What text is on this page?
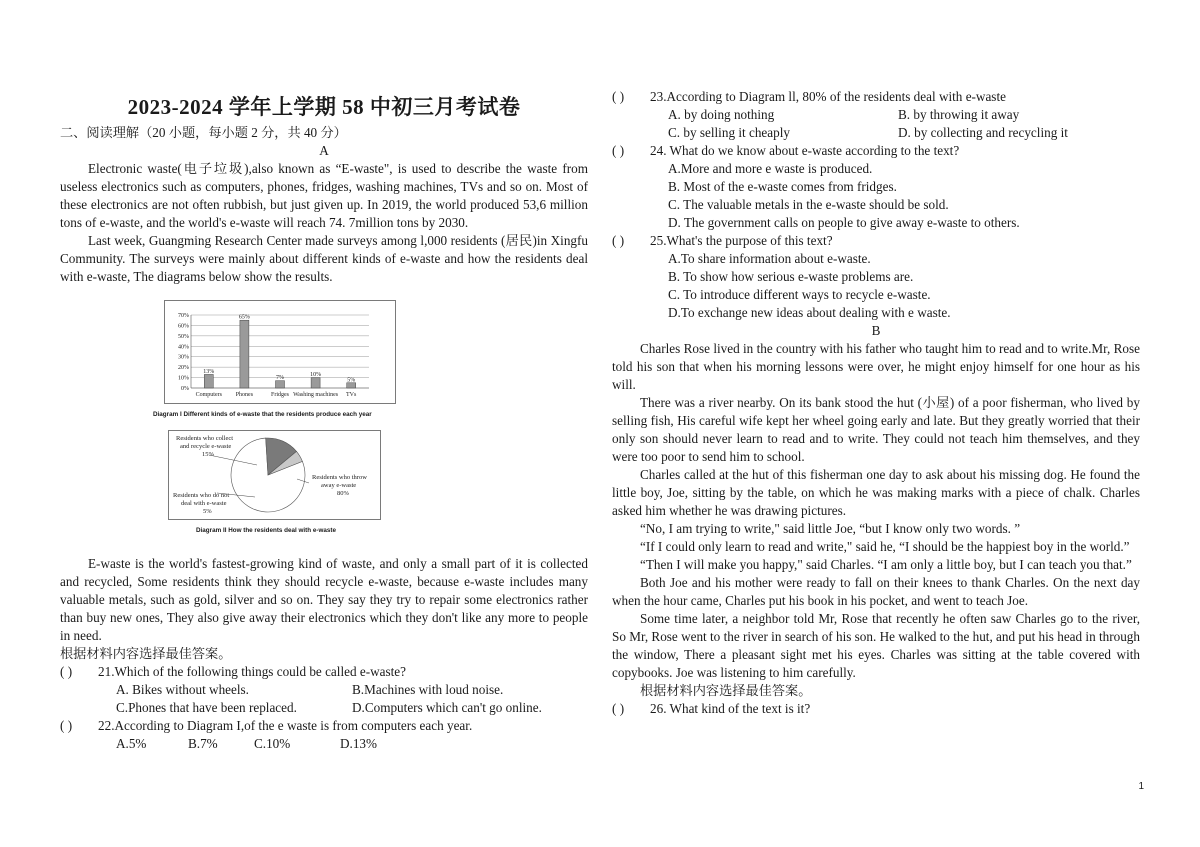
2023-2024 学年上学期 58 中初三月考试卷
二、阅读理解（20 小题，每小题 2 分，共 40 分）

A

Electronic waste(电子垃圾),also known as “E-waste", is used to describe the waste from useless electronics such as computers, phones, fridges, washing machines, TVs and so on. Most of these electronics are not often rubbish, but just given up. In 2019, the world produced 53,6 million tons of e-waste, and the world's e-waste will reach 74. 7million tons by 2030.

Last week, Guangming Research Center made surveys among l,000 residents (居民)in Xingfu Community. The surveys were mainly about different kinds of e-waste and how the residents deal with e-waste, The diagrams below show the results.

0%
10%
20%
30%
40%
50%
60%
70%
13%
Computers
65%
Phones
7%
Fridges
10%
Washing machines
5%
TVs
Diagram I Different kinds of e-waste that the residents produce each year
Residents who collect
and recycle e-waste
15%
Residents who throw
away e-waste
80%
Residents who do not
deal with e-waste
5%
Diagram II How the residents deal with e-waste

E-waste is the world's fastest-growing kind of waste, and only a small part of it is collected and recycled, Some residents think they should recycle e-waste, because e-waste includes many valuable metals, such as gold, silver and so on. They say they try to repair some electronics rather than buy new ones, They also give away their electronics which they don't like any more to people in need.

根据材料内容选择最佳答案。

( ) 21.Which of the following things could be called e-waste?
A. Bikes without wheels.	B.Machines with loud noise.
C.Phones that have been replaced.	D.Computers which can't go online.
( ) 22.According to Diagram I,of the e waste is from computers each year.
A.5%	B.7%	C.10%	D.13%
( ) 23.According to Diagram ll, 80% of the residents deal with e-waste
A. by doing nothing	B. by throwing it away
C. by selling it cheaply	D. by collecting and recycling it
( ) 24. What do we know about e-waste according to the text?
A.More and more e waste is produced.
B. Most of the e-waste comes from fridges.
C. The valuable metals in the e-waste should be sold.
D. The government calls on people to give away e-waste to others.
( ) 25.What's the purpose of this text?
A.To share information about e-waste.
B. To show how serious e-waste problems are.
C. To introduce different ways to recycle e-waste.
D.To exchange new ideas about dealing with e waste.

B

Charles Rose lived in the country with his father who taught him to read and to write.Mr, Rose told his son that when his morning lessons were over, he might enjoy himself for one hour as his will.

There was a river nearby. On its bank stood the hut (小屋) of a poor fisherman, who lived by selling fish, His careful wife kept her wheel going early and late. But they greatly worried that their only son should never learn to read and to write. They could not teach him themselves, and they were too poor to send him to school.

Charles called at the hut of this fisherman one day to ask about his missing dog. He found the little boy, Joe, sitting by the table, on which he was making marks with a piece of chalk. Charles asked him whether he was drawing pictures.

“No, I am trying to write," said little Joe, “but I know only two words. ”

“If I could only learn to read and write," said he, “I should be the happiest boy in the world.”

“Then I will make you happy," said Charles. “I am only a little boy, but I can teach you that.”

Both Joe and his mother were ready to fall on their knees to thank Charles. On the next day when the hour came, Charles put his book in his pocket, and went to teach Joe.

Some time later, a neighbor told Mr, Rose that recently he often saw Charles go to the river, So Mr, Rose went to the river in search of his son. He walked to the hut, and put his head in through the window, There a pleasant sight met his eyes. Charles was sitting at the table covered with copybooks. Joe was listening to him carefully.

根据材料内容选择最佳答案。

( ) 26. What kind of the text is it?
1
